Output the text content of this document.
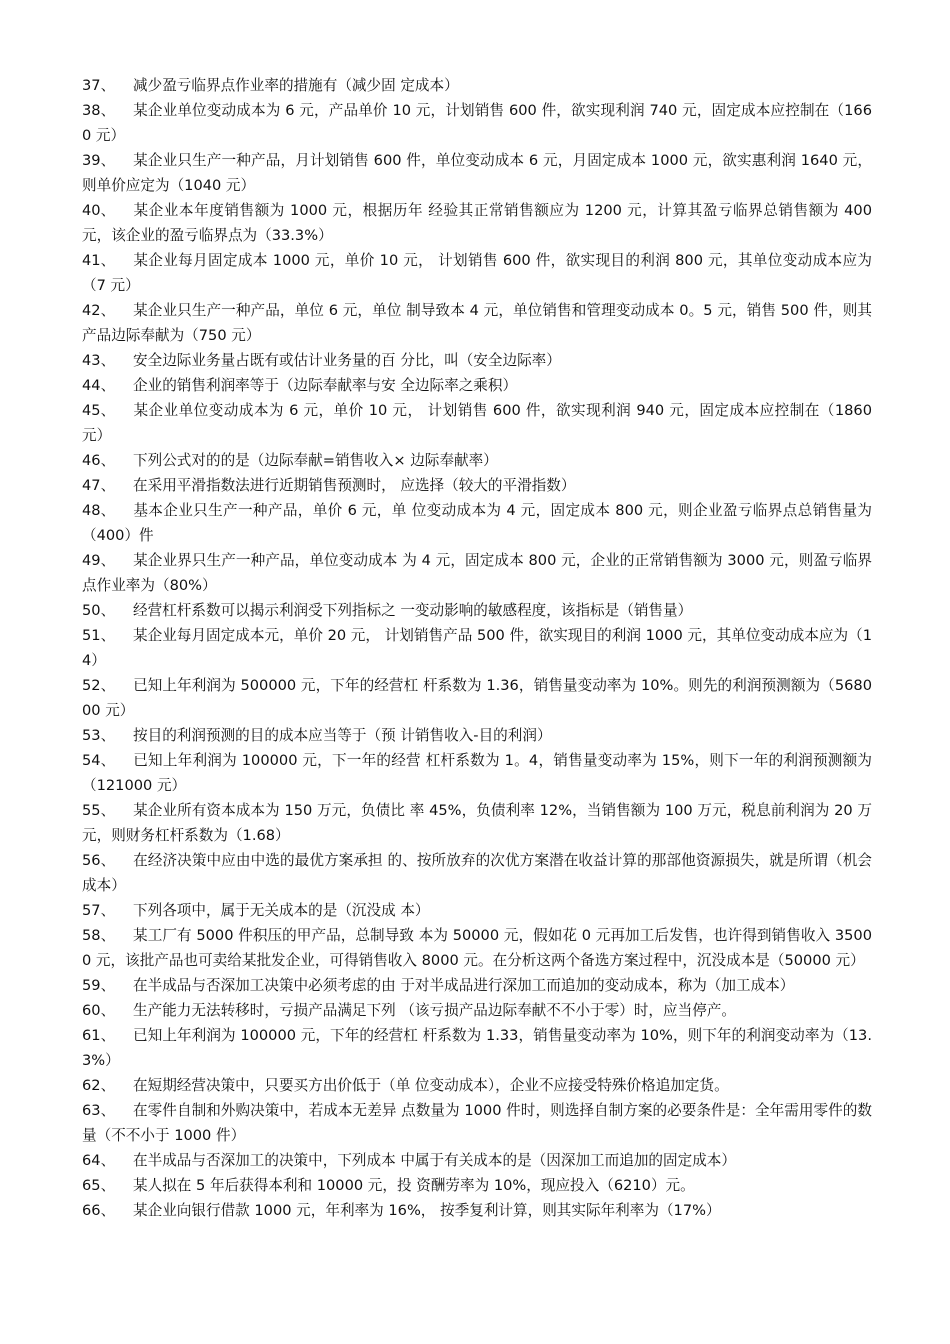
37、 减少盈亏临界点作业率的措施有（减少固 定成本）

38、 某企业单位变动成本为 6 元，产品单价 10 元，计划销售 600 件，欲实现利润 740 元，固定成本应控制在（1660 元）

39、 某企业只生产一种产品，月计划销售 600 件，单位变动成本 6 元，月固定成本 1000 元，欲实惠利润 1640 元，则单价应定为（1040 元）

40、 某企业本年度销售额为 1000 元，根据历年 经验其正常销售额应为 1200 元，计算其盈亏临界总销售额为 400 元，该企业的盈亏临界点为（33.3%）

41、 某企业每月固定成本 1000 元，单价 10 元， 计划销售 600 件，欲实现目的利润 800 元，其单位变动成本应为（7 元）

42、 某企业只生产一种产品，单位 6 元，单位 制导致本 4 元，单位销售和管理变动成本 0。5 元，销售 500 件，则其产品边际奉献为（750 元）

43、 安全边际业务量占既有或估计业务量的百 分比，叫（安全边际率）

44、 企业的销售利润率等于（边际奉献率与安 全边际率之乘积）

45、 某企业单位变动成本为 6 元，单价 10 元， 计划销售 600 件，欲实现利润 940 元，固定成本应控制在（1860 元）

46、 下列公式对的的是（边际奉献=销售收入× 边际奉献率）

47、 在采用平滑指数法进行近期销售预测时， 应选择（较大的平滑指数）

48、 基本企业只生产一种产品，单价 6 元，单 位变动成本为 4 元，固定成本 800 元，则企业盈亏临界点总销售量为（400）件

49、 某企业界只生产一种产品，单位变动成本 为 4 元，固定成本 800 元，企业的正常销售额为 3000 元，则盈亏临界点作业率为（80%）

50、 经营杠杆系数可以揭示利润受下列指标之 一变动影响的敏感程度，该指标是（销售量）

51、 某企业每月固定成本元，单价 20 元， 计划销售产品 500 件，欲实现目的利润 1000 元，其单位变动成本应为（14）

52、 已知上年利润为 500000 元，下年的经营杠 杆系数为 1.36，销售量变动率为 10%。则先的利润预测额为（568000 元）

53、 按目的利润预测的目的成本应当等于（预 计销售收入-目的利润）

54、 已知上年利润为 100000 元，下一年的经营 杠杆系数为 1。4，销售量变动率为 15%，则下一年的利润预测额为（121000 元）

55、 某企业所有资本成本为 150 万元，负债比 率 45%，负债利率 12%，当销售额为 100 万元，税息前利润为 20 万元，则财务杠杆系数为（1.68）

56、 在经济决策中应由中选的最优方案承担 的、按所放弃的次优方案潜在收益计算的那部他资源损失，就是所谓（机会成本）

57、 下列各项中，属于无关成本的是（沉没成 本）

58、 某工厂有 5000 件积压的甲产品，总制导致 本为 50000 元，假如花 0 元再加工后发售，也许得到销售收入 35000 元，该批产品也可卖给某批发企业，可得销售收入 8000 元。在分析这两个备选方案过程中，沉没成本是（50000 元）

59、 在半成品与否深加工决策中必须考虑的由 于对半成品进行深加工而追加的变动成本，称为（加工成本）

60、 生产能力无法转移时，亏损产品满足下列 （该亏损产品边际奉献不不小于零）时，应当停产。

61、 已知上年利润为 100000 元，下年的经营杠 杆系数为 1.33，销售量变动率为 10%，则下年的利润变动率为（13.3%）

62、 在短期经营决策中，只要买方出价低于（单 位变动成本），企业不应接受特殊价格追加定货。

63、 在零件自制和外购决策中，若成本无差异 点数量为 1000 件时，则选择自制方案的必要条件是：全年需用零件的数量（不不小于 1000 件）

64、 在半成品与否深加工的决策中，下列成本 中属于有关成本的是（因深加工而追加的固定成本）

65、 某人拟在 5 年后获得本利和 10000 元，投 资酬劳率为 10%，现应投入（6210）元。

66、 某企业向银行借款 1000 元，年利率为 16%， 按季复利计算，则其实际年利率为（17%）
